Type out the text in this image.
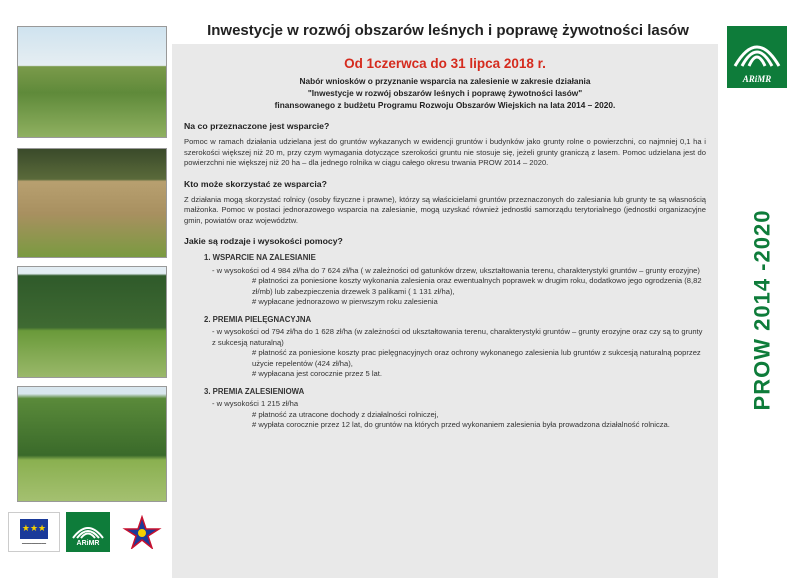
★★★
━━━━━━━━━━	ARiMR
Inwestycje w rozwój obszarów leśnych i poprawę żywotności lasów
Od 1czerwca do 31 lipca 2018 r.
Nabór wniosków o przyznanie wsparcia na zalesienie w zakresie działania
"Inwestycje w rozwój obszarów leśnych i poprawę żywotności lasów"
finansowanego z budżetu Programu Rozwoju Obszarów Wiejskich na lata 2014 – 2020.
Na co przeznaczone jest wsparcie?

Pomoc w ramach działania udzielana jest do gruntów wykazanych w ewidencji gruntów i budynków jako grunty rolne o powierzchni, co najmniej 0,1 ha i szerokości większej niż 20 m, przy czym wymagania dotyczące szerokości gruntu nie stosuje się, jeżeli grunty graniczą z lasem. Pomoc udzielana jest do powierzchni nie większej niż 20 ha – dla jednego rolnika w ciągu całego okresu trwania PROW 2014 – 2020.

Kto może skorzystać ze wsparcia?

Z działania mogą skorzystać rolnicy (osoby fizyczne i prawne), którzy są właścicielami gruntów przeznaczonych do zalesiania lub grunty te są własnością małżonka. Pomoc w postaci jednorazowego wsparcia na zalesianie, mogą uzyskać również jednostki samorządu terytorialnego (jednostki organizacyjne gmin, powiatów oraz województw.

Jakie są rodzaje i wysokości pomocy?
1. WSPARCIE NA ZALESIANIE
- w wysokości od 4 984 zł/ha do 7 624 zł/ha ( w zależności od gatunków drzew, ukształtowania terenu, charakterystyki gruntów – grunty erozyjne)
# płatności za poniesione koszty wykonania zalesienia oraz ewentualnych poprawek w drugim roku, dodatkowo jego ogrodzenia (8,82 zł/mb) lub zabezpieczenia drzewek 3 palikami ( 1 131 zł/ha),
# wypłacane jednorazowo w pierwszym roku zalesienia
2. PREMIA PIELĘGNACYJNA
- w wysokości od 794 zł/ha do 1 628 zł/ha (w zależności od ukształtowania terenu, charakterystyki gruntów – grunty erozyjne oraz czy są to grunty z sukcesją naturalną)
# płatność za poniesione koszty prac pielęgnacyjnych oraz ochrony wykonanego zalesienia lub gruntów z sukcesją naturalną poprzez użycie repelentów (424 zł/ha),
# wypłacana jest corocznie przez 5 lat.
3. PREMIA ZALESIENIOWA
- w wysokości 1 215 zł/ha
# płatność za utracone dochody z działalności rolniczej,
# wypłata corocznie przez 12 lat, do gruntów na których przed wykonaniem zalesienia była prowadzona działalność rolnicza.
ARiMR
PROW 2014 -2020
